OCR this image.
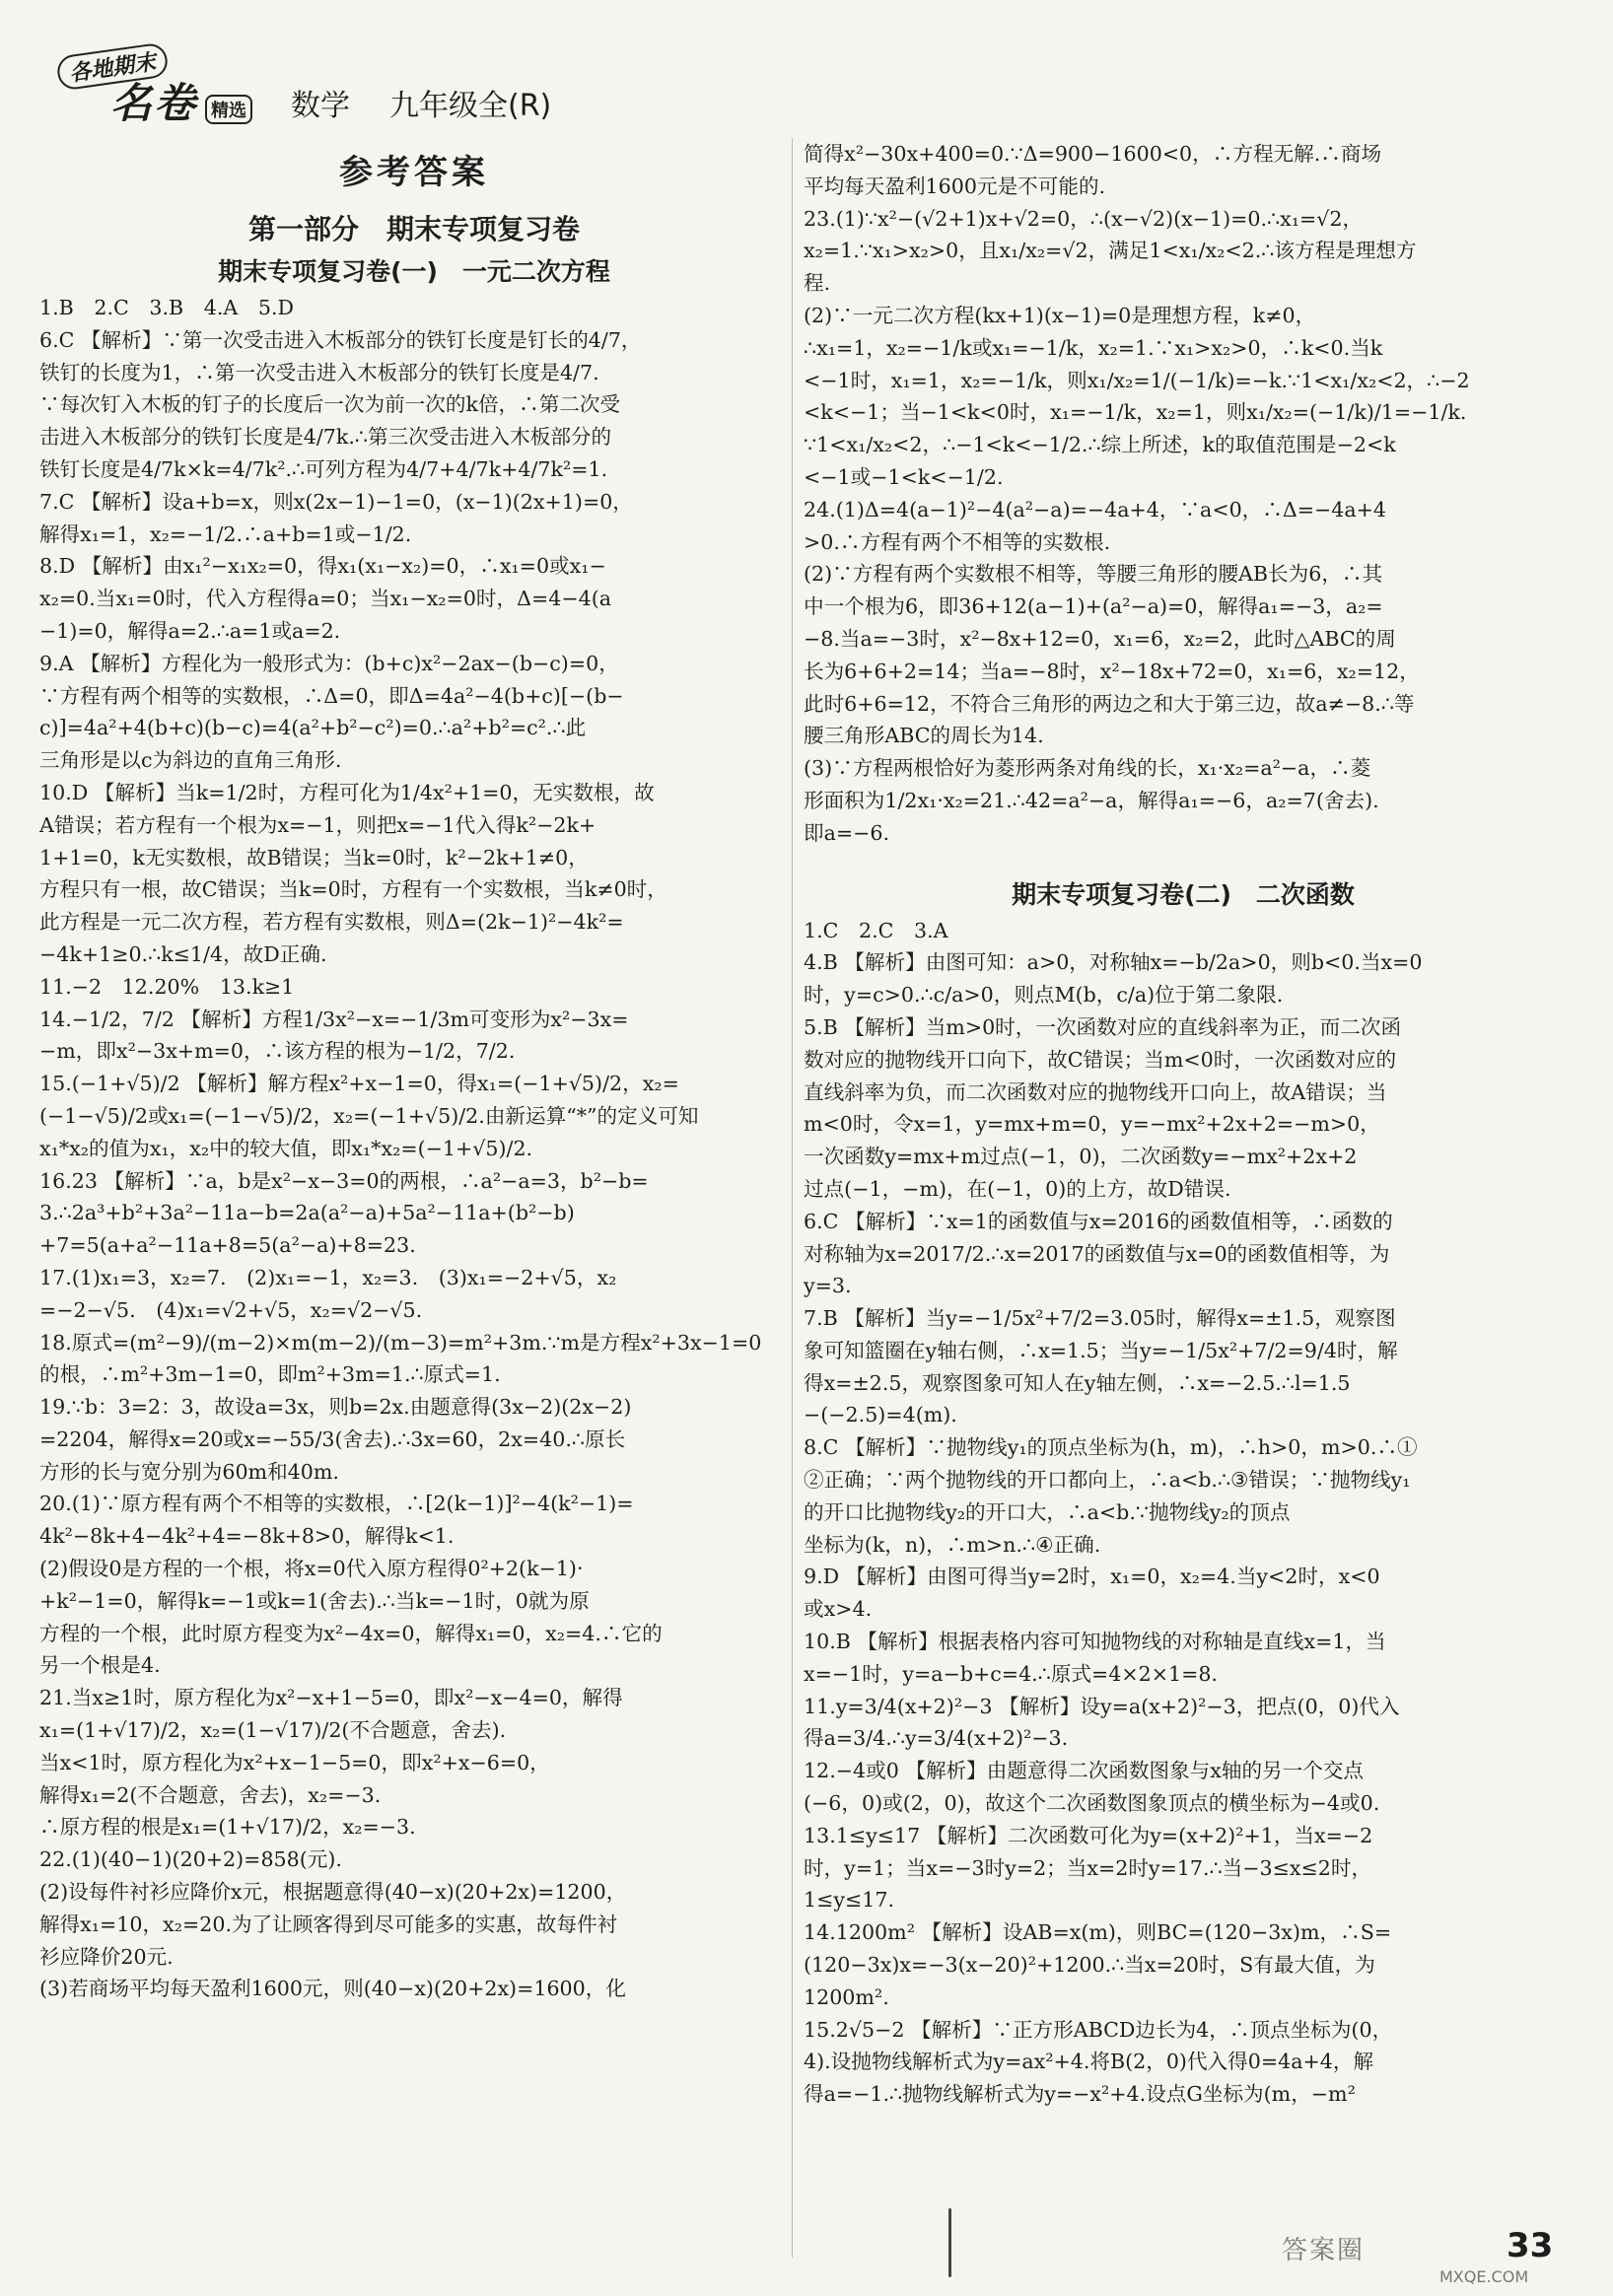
各地期末
名卷 精选 数学 九年级全(R)
参考答案
第一部分　期末专项复习卷
期末专项复习卷(一)　一元二次方程
1.B　2.C　3.B　4.A　5.D
6.C 【解析】∵第一次受击进入木板部分的铁钉长度是钉长的4/7，
铁钉的长度为1，∴第一次受击进入木板部分的铁钉长度是4/7.
∵每次钉入木板的钉子的长度后一次为前一次的k倍，∴第二次受
击进入木板部分的铁钉长度是4/7k.∴第三次受击进入木板部分的
铁钉长度是4/7k×k=4/7k².∴可列方程为4/7+4/7k+4/7k²=1.
7.C 【解析】设a+b=x，则x(2x−1)−1=0，(x−1)(2x+1)=0，
解得x₁=1，x₂=−1/2.∴a+b=1或−1/2.
8.D 【解析】由x₁²−x₁x₂=0，得x₁(x₁−x₂)=0，∴x₁=0或x₁−
x₂=0.当x₁=0时，代入方程得a=0；当x₁−x₂=0时，Δ=4−4(a
−1)=0，解得a=2.∴a=1或a=2.
9.A 【解析】方程化为一般形式为：(b+c)x²−2ax−(b−c)=0，
∵方程有两个相等的实数根，∴Δ=0，即Δ=4a²−4(b+c)[−(b−
c)]=4a²+4(b+c)(b−c)=4(a²+b²−c²)=0.∴a²+b²=c².∴此
三角形是以c为斜边的直角三角形.
10.D 【解析】当k=1/2时，方程可化为1/4x²+1=0，无实数根，故
A错误；若方程有一个根为x=−1，则把x=−1代入得k²−2k+
1+1=0，k无实数根，故B错误；当k=0时，k²−2k+1≠0，
方程只有一根，故C错误；当k=0时，方程有一个实数根，当k≠0时，
此方程是一元二次方程，若方程有实数根，则Δ=(2k−1)²−4k²=
−4k+1≥0.∴k≤1/4，故D正确.
11.−2　12.20%　13.k≥1
14.−1/2，7/2 【解析】方程1/3x²−x=−1/3m可变形为x²−3x=
−m，即x²−3x+m=0，∴该方程的根为−1/2，7/2.
15.(−1+√5)/2 【解析】解方程x²+x−1=0，得x₁=(−1+√5)/2，x₂=
(−1−√5)/2或x₁=(−1−√5)/2，x₂=(−1+√5)/2.由新运算“*”的定义可知
x₁*x₂的值为x₁，x₂中的较大值，即x₁*x₂=(−1+√5)/2.
16.23 【解析】∵a，b是x²−x−3=0的两根，∴a²−a=3，b²−b=
3.∴2a³+b²+3a²−11a−b=2a(a²−a)+5a²−11a+(b²−b)
+7=5(a+a²−11a+8=5(a²−a)+8=23.
17.(1)x₁=3，x₂=7.　(2)x₁=−1，x₂=3.　(3)x₁=−2+√5，x₂
=−2−√5.　(4)x₁=√2+√5，x₂=√2−√5.
18.原式=(m²−9)/(m−2)×m(m−2)/(m−3)=m²+3m.∵m是方程x²+3x−1=0
的根，∴m²+3m−1=0，即m²+3m=1.∴原式=1.
19.∵b：3=2：3，故设a=3x，则b=2x.由题意得(3x−2)(2x−2)
=2204，解得x=20或x=−55/3(舍去).∴3x=60，2x=40.∴原长
方形的长与宽分别为60m和40m.
20.(1)∵原方程有两个不相等的实数根，∴[2(k−1)]²−4(k²−1)=
4k²−8k+4−4k²+4=−8k+8>0，解得k<1.
(2)假设0是方程的一个根，将x=0代入原方程得0²+2(k−1)·
+k²−1=0，解得k=−1或k=1(舍去).∴当k=−1时，0就为原
方程的一个根，此时原方程变为x²−4x=0，解得x₁=0，x₂=4.∴它的
另一个根是4.
21.当x≥1时，原方程化为x²−x+1−5=0，即x²−x−4=0，解得
x₁=(1+√17)/2，x₂=(1−√17)/2(不合题意，舍去).
当x<1时，原方程化为x²+x−1−5=0，即x²+x−6=0，
解得x₁=2(不合题意，舍去)，x₂=−3.
∴原方程的根是x₁=(1+√17)/2，x₂=−3.
22.(1)(40−1)(20+2)=858(元).
(2)设每件衬衫应降价x元，根据题意得(40−x)(20+2x)=1200，
解得x₁=10，x₂=20.为了让顾客得到尽可能多的实惠，故每件衬
衫应降价20元.
(3)若商场平均每天盈利1600元，则(40−x)(20+2x)=1600，化
简得x²−30x+400=0.∵Δ=900−1600<0，∴方程无解.∴商场
平均每天盈利1600元是不可能的.
23.(1)∵x²−(√2+1)x+√2=0，∴(x−√2)(x−1)=0.∴x₁=√2，
x₂=1.∵x₁>x₂>0，且x₁/x₂=√2，满足1<x₁/x₂<2.∴该方程是理想方
程.
(2)∵一元二次方程(kx+1)(x−1)=0是理想方程，k≠0，
∴x₁=1，x₂=−1/k或x₁=−1/k，x₂=1.∵x₁>x₂>0，∴k<0.当k
<−1时，x₁=1，x₂=−1/k，则x₁/x₂=1/(−1/k)=−k.∵1<x₁/x₂<2，∴−2
<k<−1；当−1<k<0时，x₁=−1/k，x₂=1，则x₁/x₂=(−1/k)/1=−1/k.
∵1<x₁/x₂<2，∴−1<k<−1/2.∴综上所述，k的取值范围是−2<k
<−1或−1<k<−1/2.
24.(1)Δ=4(a−1)²−4(a²−a)=−4a+4，∵a<0，∴Δ=−4a+4
>0.∴方程有两个不相等的实数根.
(2)∵方程有两个实数根不相等，等腰三角形的腰AB长为6，∴其
中一个根为6，即36+12(a−1)+(a²−a)=0，解得a₁=−3，a₂=
−8.当a=−3时，x²−8x+12=0，x₁=6，x₂=2，此时△ABC的周
长为6+6+2=14；当a=−8时，x²−18x+72=0，x₁=6，x₂=12，
此时6+6=12，不符合三角形的两边之和大于第三边，故a≠−8.∴等
腰三角形ABC的周长为14.
(3)∵方程两根恰好为菱形两条对角线的长，x₁·x₂=a²−a，∴菱
形面积为1/2x₁·x₂=21.∴42=a²−a，解得a₁=−6，a₂=7(舍去).
即a=−6.
期末专项复习卷(二)　二次函数
1.C　2.C　3.A
4.B 【解析】由图可知：a>0，对称轴x=−b/2a>0，则b<0.当x=0
时，y=c>0.∴c/a>0，则点M(b，c/a)位于第二象限.
5.B 【解析】当m>0时，一次函数对应的直线斜率为正，而二次函
数对应的抛物线开口向下，故C错误；当m<0时，一次函数对应的
直线斜率为负，而二次函数对应的抛物线开口向上，故A错误；当
m<0时，令x=1，y=mx+m=0，y=−mx²+2x+2=−m>0，
一次函数y=mx+m过点(−1，0)，二次函数y=−mx²+2x+2
过点(−1，−m)，在(−1，0)的上方，故D错误.
6.C 【解析】∵x=1的函数值与x=2016的函数值相等，∴函数的
对称轴为x=2017/2.∴x=2017的函数值与x=0的函数值相等，为
y=3.
7.B 【解析】当y=−1/5x²+7/2=3.05时，解得x=±1.5，观察图
象可知篮圈在y轴右侧，∴x=1.5；当y=−1/5x²+7/2=9/4时，解
得x=±2.5，观察图象可知人在y轴左侧，∴x=−2.5.∴l=1.5
−(−2.5)=4(m).
8.C 【解析】∵抛物线y₁的顶点坐标为(h，m)，∴h>0，m>0.∴①
②正确；∵两个抛物线的开口都向上，∴a<b.∴③错误；∵抛物线y₁
的开口比抛物线y₂的开口大，∴a<b.∵抛物线y₂的顶点
坐标为(k，n)，∴m>n.∴④正确.
9.D 【解析】由图可得当y=2时，x₁=0，x₂=4.当y<2时，x<0
或x>4.
10.B 【解析】根据表格内容可知抛物线的对称轴是直线x=1，当
x=−1时，y=a−b+c=4.∴原式=4×2×1=8.
11.y=3/4(x+2)²−3 【解析】设y=a(x+2)²−3，把点(0，0)代入
得a=3/4.∴y=3/4(x+2)²−3.
12.−4或0 【解析】由题意得二次函数图象与x轴的另一个交点
(−6，0)或(2，0)，故这个二次函数图象顶点的横坐标为−4或0.
13.1≤y≤17 【解析】二次函数可化为y=(x+2)²+1，当x=−2
时，y=1；当x=−3时y=2；当x=2时y=17.∴当−3≤x≤2时，
1≤y≤17.
14.1200m² 【解析】设AB=x(m)，则BC=(120−3x)m，∴S=
(120−3x)x=−3(x−20)²+1200.∴当x=20时，S有最大值，为
1200m².
15.2√5−2 【解析】∵正方形ABCD边长为4，∴顶点坐标为(0，
4).设抛物线解析式为y=ax²+4.将B(2，0)代入得0=4a+4，解
得a=−1.∴抛物线解析式为y=−x²+4.设点G坐标为(m，−m²
答案圈
MXQE.COM
33
